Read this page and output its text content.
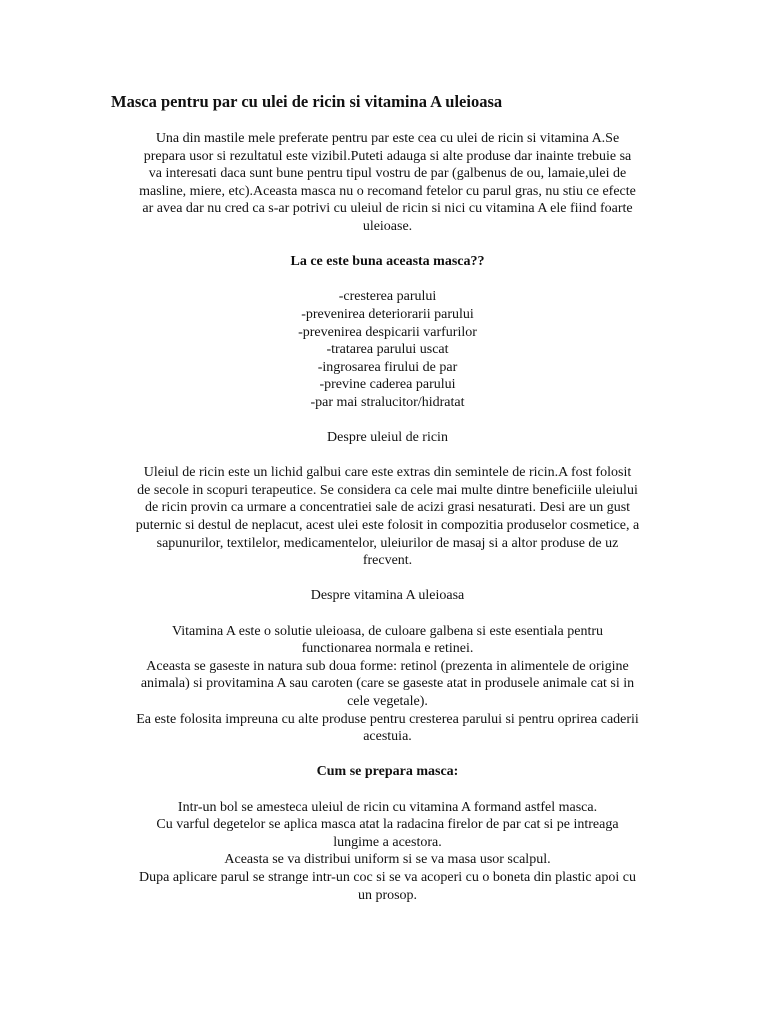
Masca pentru par cu ulei de ricin si vitamina A uleioasa
Una din mastile mele preferate pentru par este cea cu ulei de ricin si vitamina A.Se
prepara usor si rezultatul este vizibil.Puteti adauga si alte produse dar inainte trebuie sa
va interesati daca sunt bune pentru tipul vostru de par (galbenus de ou, lamaie,ulei de
masline, miere, etc).Aceasta masca nu o recomand fetelor cu parul gras, nu stiu ce efecte
ar avea dar nu cred ca s-ar potrivi cu uleiul de ricin si nici cu vitamina A ele fiind foarte
uleioase.
La ce este buna aceasta masca??
-cresterea parului
-prevenirea deteriorarii parului
-prevenirea despicarii varfurilor
-tratarea parului uscat
-ingrosarea firului de par
-previne caderea parului
-par mai stralucitor/hidratat
Despre uleiul de ricin
Uleiul de ricin este un lichid galbui care este extras din semintele de ricin.A fost folosit
de secole in scopuri terapeutice. Se considera ca cele mai multe dintre beneficiile uleiului
de ricin provin ca urmare a concentratiei sale de acizi grasi nesaturati. Desi are un gust
puternic si destul de neplacut, acest ulei este folosit in compozitia produselor cosmetice, a
sapunurilor, textilelor, medicamentelor, uleiurilor de masaj si a altor produse de uz
frecvent.
Despre vitamina A uleioasa
Vitamina A este o solutie uleioasa, de culoare galbena si este esentiala pentru
functionarea normala e retinei.
Aceasta se gaseste in natura sub doua forme: retinol (prezenta in alimentele de origine
animala) si provitamina A sau caroten (care se gaseste atat in produsele animale cat si in
cele vegetale).
Ea este folosita impreuna cu alte produse pentru cresterea parului si pentru oprirea caderii
acestuia.
Cum se prepara masca:
Intr-un bol se amesteca uleiul de ricin cu vitamina A formand astfel masca.
Cu varful degetelor se aplica masca atat la radacina firelor de par cat si pe intreaga
lungime a acestora.
Aceasta se va distribui uniform si se va masa usor scalpul.
Dupa aplicare parul se strange intr-un coc si se va acoperi cu o boneta din plastic apoi cu
un prosop.
